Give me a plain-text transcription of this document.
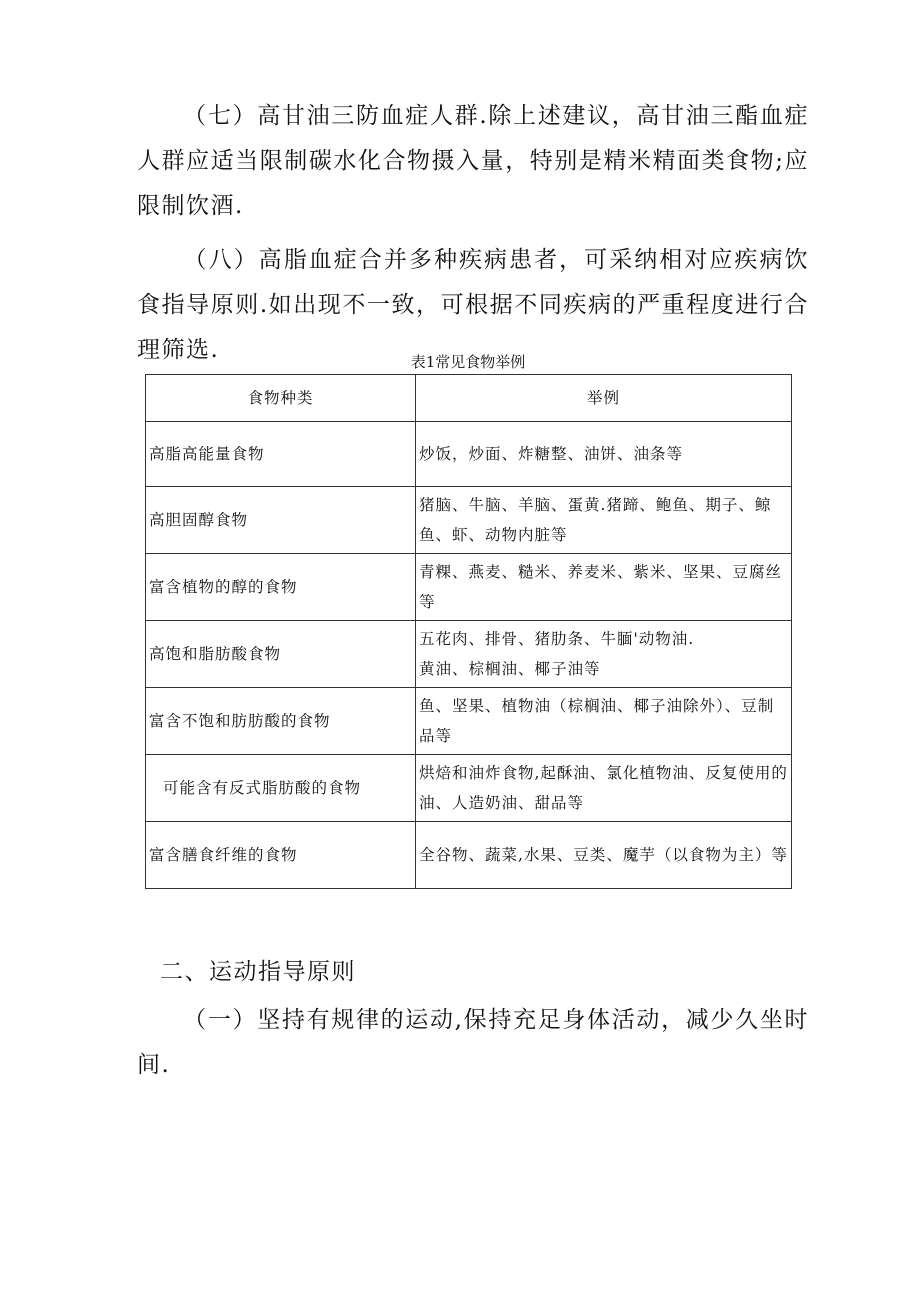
（七）高甘油三防血症人群.除上述建议，高甘油三酯血症人群应适当限制碳水化合物摄入量，特别是精米精面类食物;应限制饮酒.

（八）高脂血症合并多种疾病患者，可采纳相对应疾病饮食指导原则.如出现不一致，可根据不同疾病的严重程度进行合理筛选.	表1常见食物举例

食物种类	举例
高脂高能量食物	炒饭，炒面、炸糖整、油饼、油条等
高胆固醇食物	猪脑、牛脑、羊脑、蛋黄.猪蹄、鲍鱼、期子、鲸鱼、虾、动物内脏等
富含植物的醇的食物	青粿、燕麦、糙米、养麦米、紫米、坚果、豆腐丝等
高饱和脂肪酸食物	五花肉、排骨、猪肋条、牛腼'动物油.
黄油、棕榈油、椰子油等
富含不饱和肪肪酸的食物	鱼、坚果、植物油（棕榈油、椰子油除外）、豆制品等
可能含有反式脂肪酸的食物	烘焙和油炸食物,起酥油、氯化植物油、反复使用的油、人造奶油、甜品等
富含膳食纤维的食物	全谷物、蔬菜,水果、豆类、魔芋（以食物为主）等

二、运动指导原则

（一）坚持有规律的运动,保持充足身体活动，减少久坐时间.
